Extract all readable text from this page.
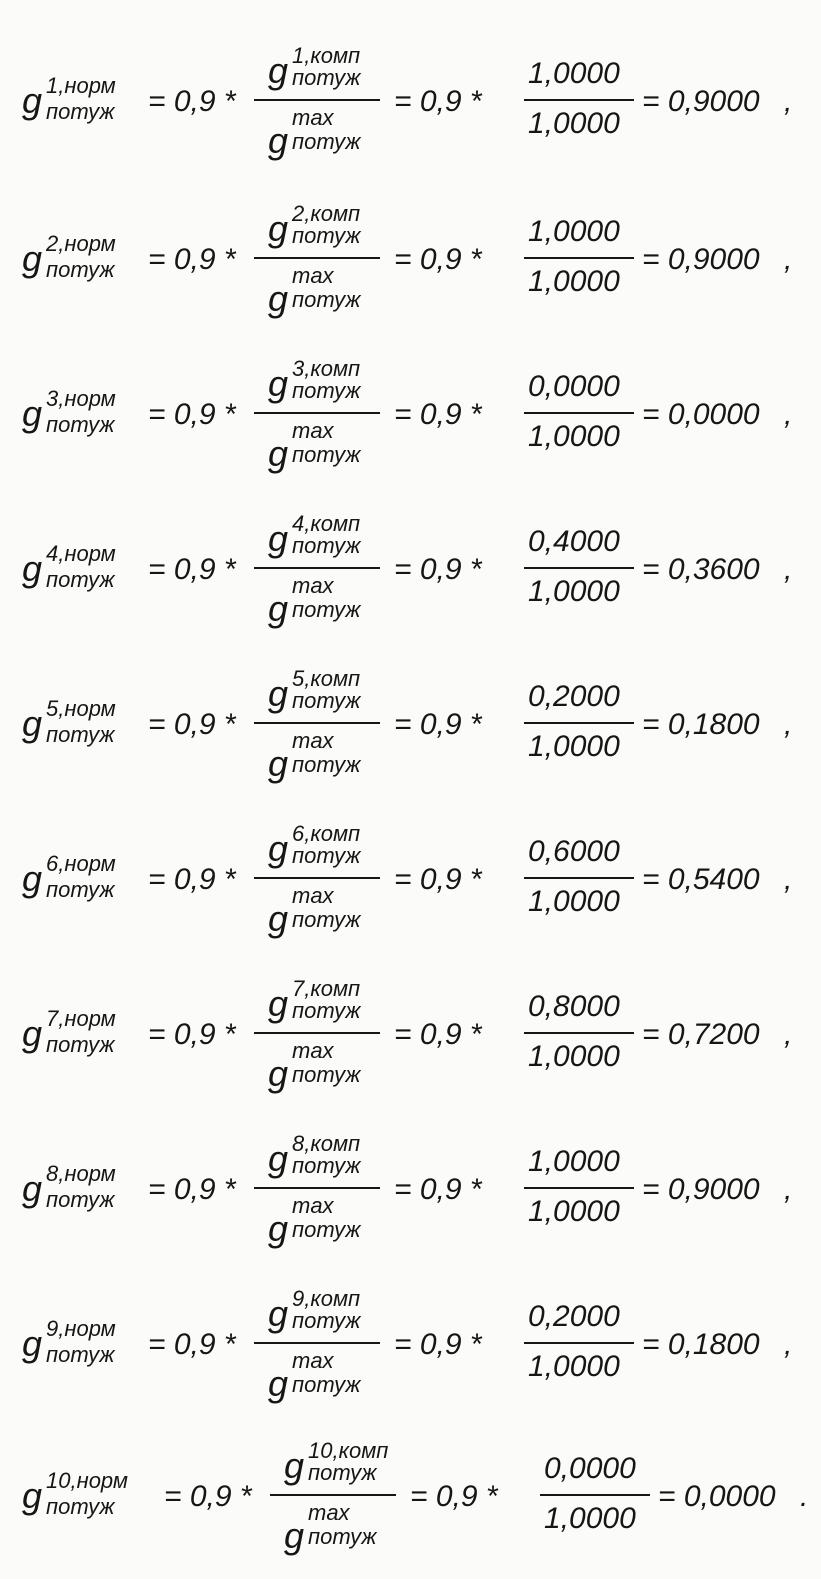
g 1,норм
потуж = 0,9 *
g 1,комп
потуж
g
max
потуж
= 0,9 *
1,0000
1,0000
= 0,9000 ,
g 2,норм
потуж = 0,9 *
g 2,комп
потуж
g
max
потуж
= 0,9 *
1,0000
1,0000
= 0,9000 ,
g 3,норм
потуж = 0,9 *
g 3,комп
потуж
g
max
потуж
= 0,9 *
0,0000
1,0000
= 0,0000 ,
g 4,норм
потуж = 0,9 *
g 4,комп
потуж
g
max
потуж
= 0,9 *
0,4000
1,0000
= 0,3600 ,
g 5,норм
потуж = 0,9 *
g 5,комп
потуж
g
max
потуж
= 0,9 *
0,2000
1,0000
= 0,1800 ,
g 6,норм
потуж = 0,9 *
g 6,комп
потуж
g
max
потуж
= 0,9 *
0,6000
1,0000
= 0,5400 ,
g 7,норм
потуж = 0,9 *
g 7,комп
потуж
g
max
потуж
= 0,9 *
0,8000
1,0000
= 0,7200 ,
g 8,норм
потуж = 0,9 *
g 8,комп
потуж
g
max
потуж
= 0,9 *
1,0000
1,0000
= 0,9000 ,
g 9,норм
потуж = 0,9 *
g 9,комп
потуж
g
max
потуж
= 0,9 *
0,2000
1,0000
= 0,1800 ,
g 10,норм
потуж = 0,9 *
g 10,комп
потуж
g
max
потуж
= 0,9 *
0,0000
1,0000
= 0,0000 .
